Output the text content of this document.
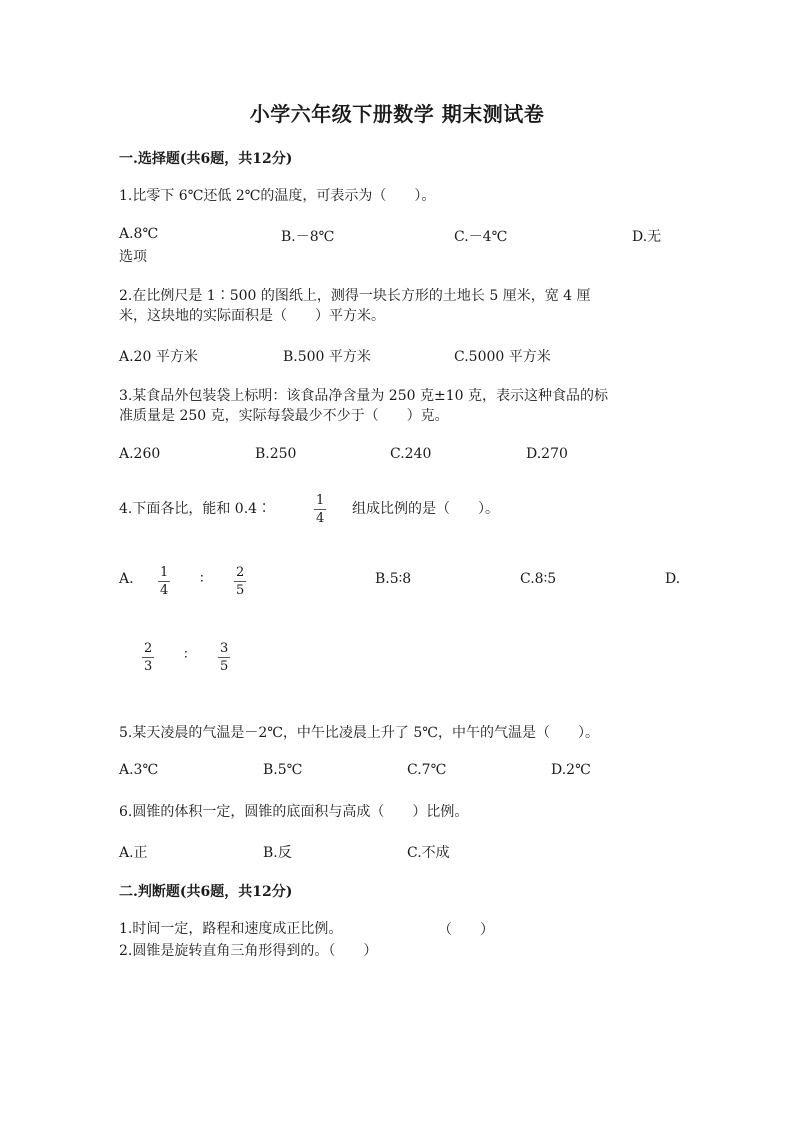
小学六年级下册数学 期末测试卷
一.选择题(共6题，共12分)
1.比零下 6℃还低 2℃的温度，可表示为（　　）。
A.8℃	B.－8℃	C.－4℃	D.无
选项
2.在比例尺是 1∶500 的图纸上，测得一块长方形的土地长 5 厘米，宽 4 厘
米，这块地的实际面积是（　　）平方米。
A.20 平方米	B.500 平方米	C.5000 平方米
3.某食品外包装袋上标明：该食品净含量为 250 克±10 克，表示这种食品的标
准质量是 250 克，实际每袋最少不少于（　　）克。
A.260	B.250	C.240	D.270
4.下面各比，能和 0.4∶
1
4
组成比例的是（　　）。
A. 1
4
∶ 2
5
B.5∶8	C.8∶5	D.
2
3
∶ 3
5
5.某天凌晨的气温是－2℃，中午比凌晨上升了 5℃，中午的气温是（　　）。
A.3℃	B.5℃	C.7℃	D.2℃
6.圆锥的体积一定，圆锥的底面积与高成（　　）比例。
A.正	B.反	C.不成
二.判断题(共6题，共12分)
1.时间一定，路程和速度成正比例。	（　　）
2.圆锥是旋转直角三角形得到的。（　　）
